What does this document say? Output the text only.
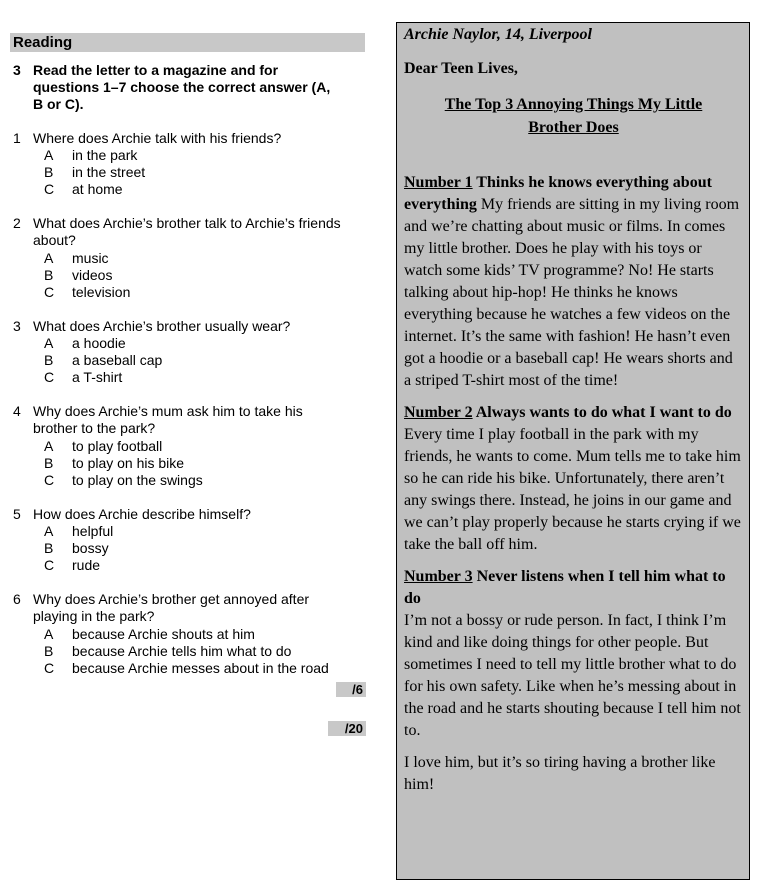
Reading
3 Read the letter to a magazine and for questions 1–7 choose the correct answer (A, B or C).
1 Where does Archie talk with his friends?
A in the park
B in the street
C at home
2 What does Archie’s brother talk to Archie’s friends about?
A music
B videos
C television
3 What does Archie’s brother usually wear?
A a hoodie
B a baseball cap
C a T-shirt
4 Why does Archie’s mum ask him to take his brother to the park?
A to play football
B to play on his bike
C to play on the swings
5 How does Archie describe himself?
A helpful
B bossy
C rude
6 Why does Archie’s brother get annoyed after playing in the park?
A because Archie shouts at him
B because Archie tells him what to do
C because Archie messes about in the road
/6
/20

Archie Naylor, 14, Liverpool

Dear Teen Lives,

The Top 3 Annoying Things My Little Brother Does

Number 1 Thinks he knows everything about everything My friends are sitting in my living room and we’re chatting about music or films. In comes my little brother. Does he play with his toys or watch some kids’ TV programme? No! He starts talking about hip-hop! He thinks he knows everything because he watches a few videos on the internet. It’s the same with fashion! He hasn’t even got a hoodie or a baseball cap! He wears shorts and a striped T-shirt most of the time!

Number 2 Always wants to do what I want to do
Every time I play football in the park with my friends, he wants to come. Mum tells me to take him so he can ride his bike. Unfortunately, there aren’t any swings there. Instead, he joins in our game and we can’t play properly because he starts crying if we take the ball off him.

Number 3 Never listens when I tell him what to do
I’m not a bossy or rude person. In fact, I think I’m kind and like doing things for other people. But sometimes I need to tell my little brother what to do for his own safety. Like when he’s messing about in the road and he starts shouting because I tell him not to.

I love him, but it’s so tiring having a brother like him!
